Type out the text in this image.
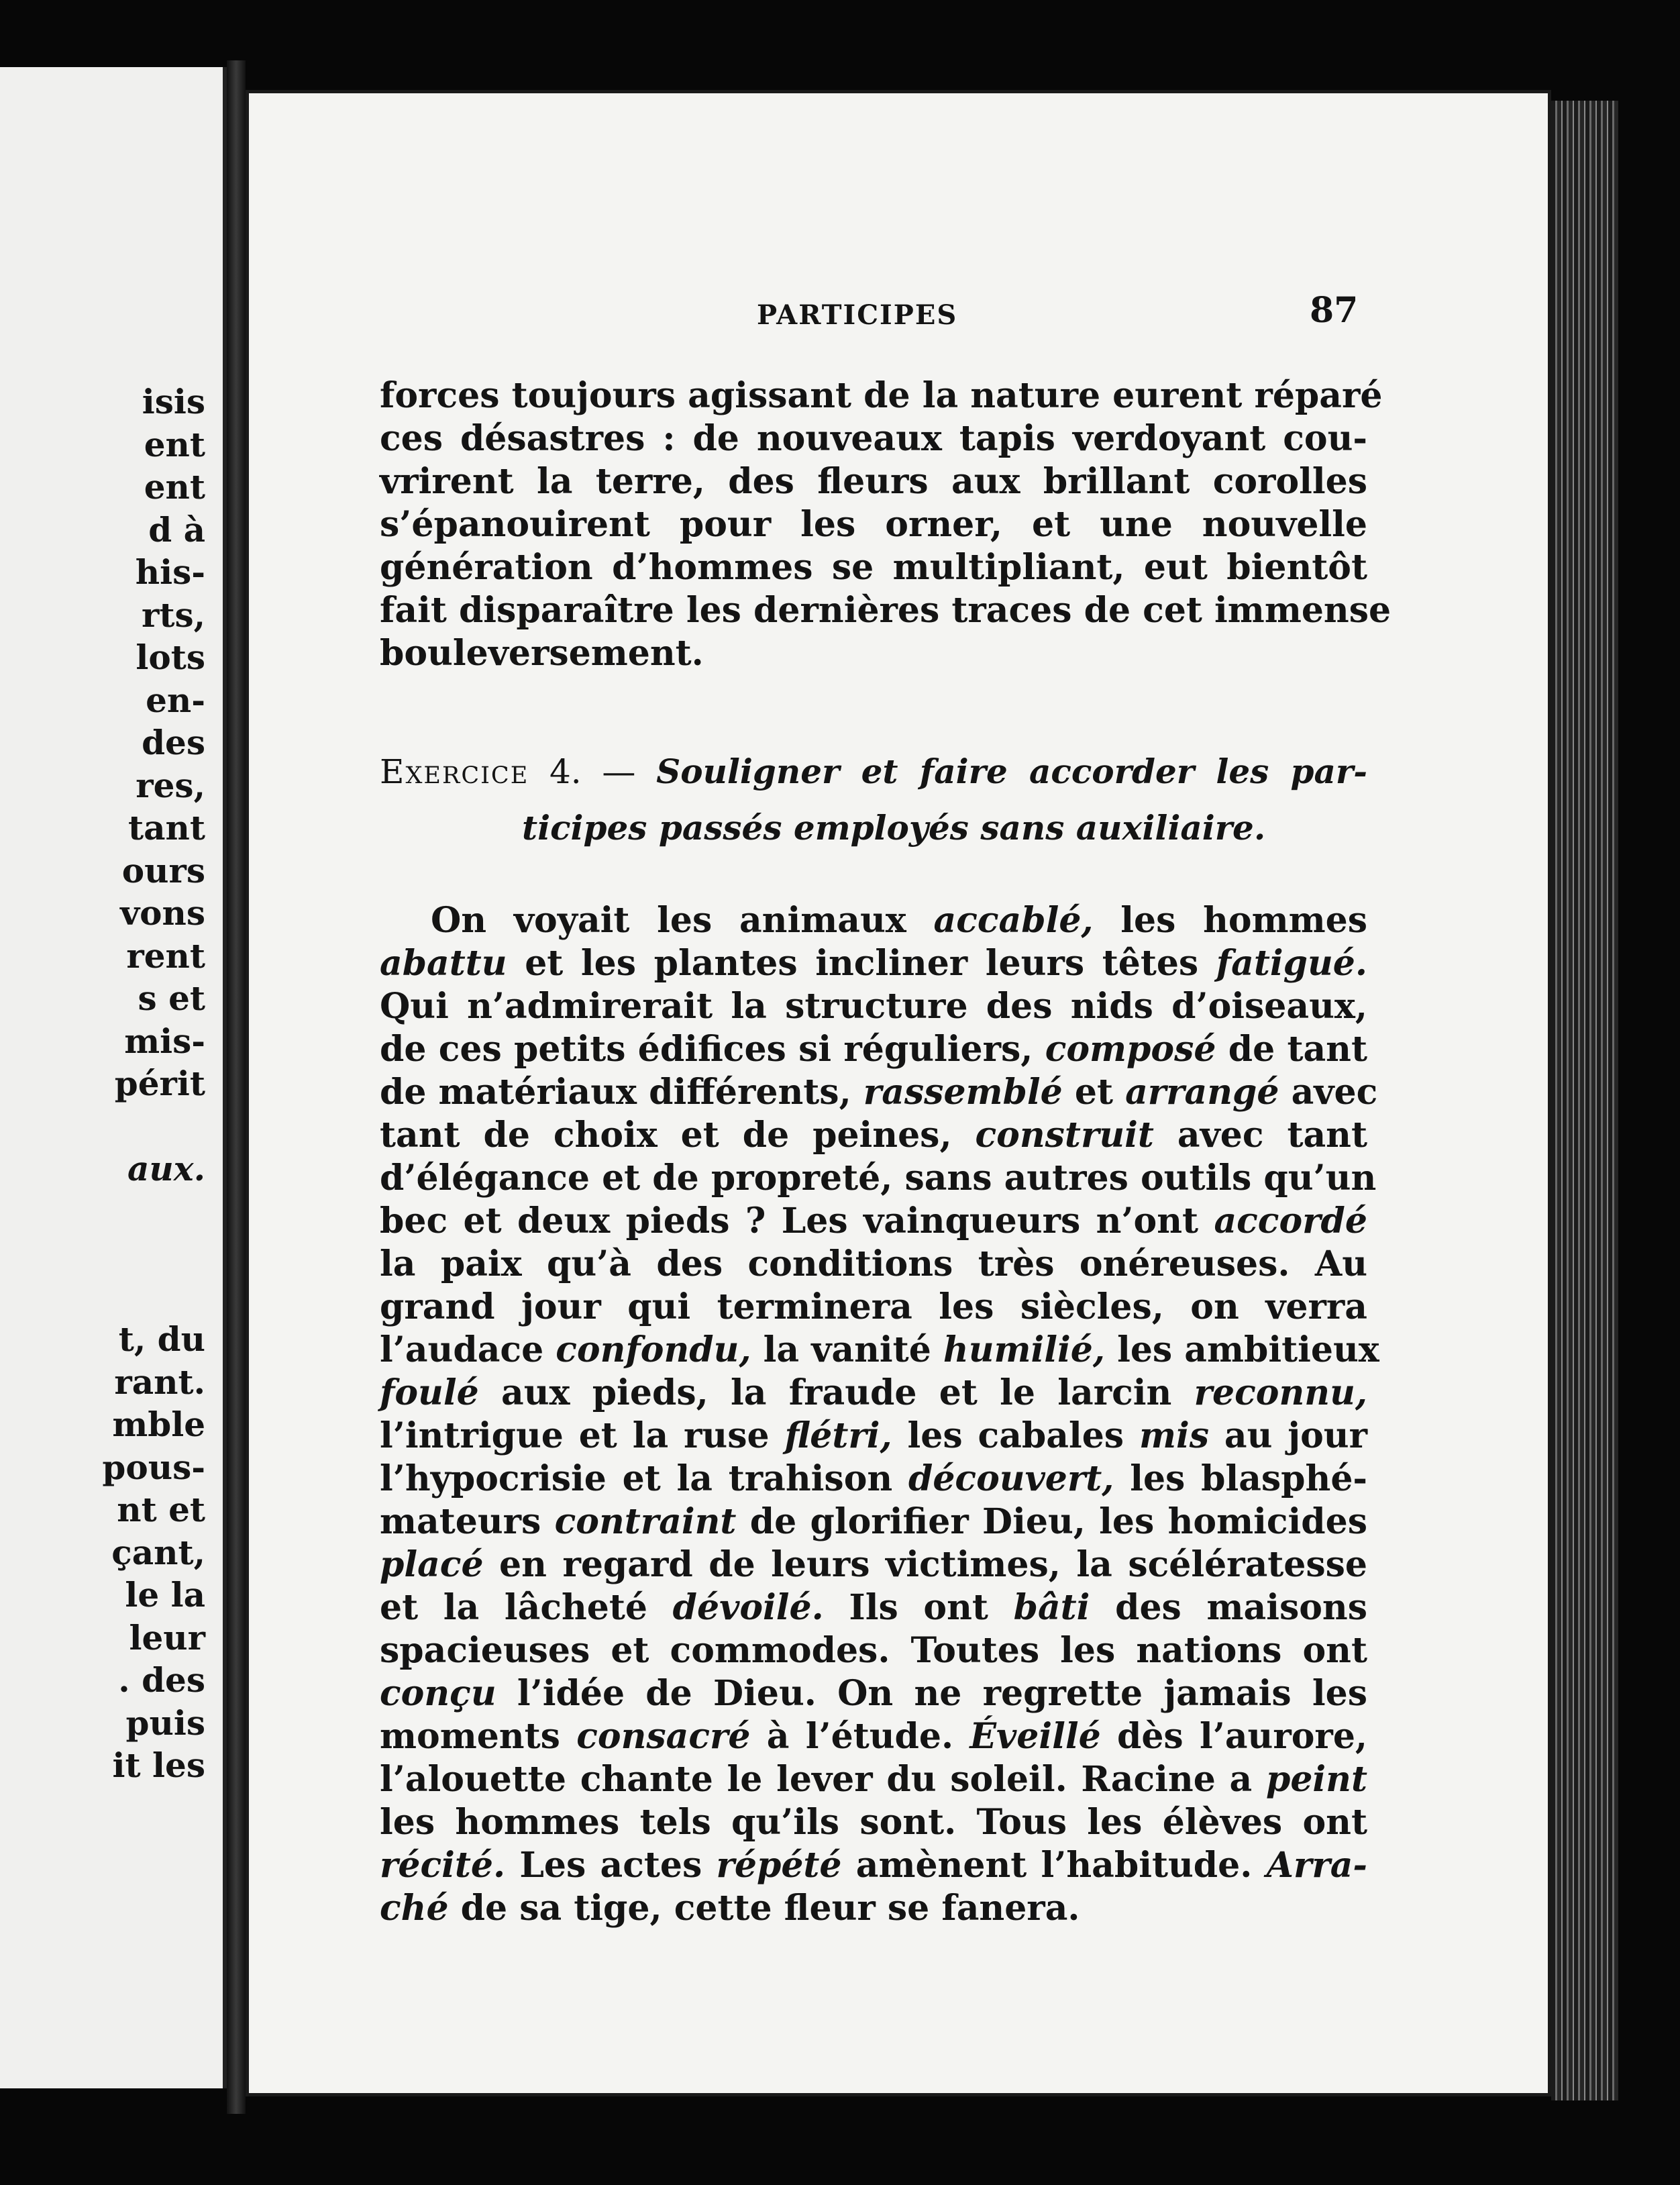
isis
ent
ent
d à
his-
rts,
lots
en-
des
res,
tant
ours
vons
rent
s et
mis-
périt
aux.
t, du
rant.
mble
pous-
nt et
çant,
le la
leur
. des
puis
it les
PARTICIPES	87
forces toujours agissant de la nature eurent réparé
ces désastres : de nouveaux tapis verdoyant cou-
vrirent la terre, des fleurs aux brillant corolles
s’épanouirent pour les orner, et une nouvelle
génération d’hommes se multipliant, eut bientôt
fait disparaître les dernières traces de cet immense
bouleversement.
Exercice 4. — Souligner et faire accorder les par-
ticipes passés employés sans auxiliaire.
On voyait les animaux accablé, les hommes
abattu et les plantes incliner leurs têtes fatigué.
Qui n’admirerait la structure des nids d’oiseaux,
de ces petits édifices si réguliers, composé de tant
de matériaux différents, rassemblé et arrangé avec
tant de choix et de peines, construit avec tant
d’élégance et de propreté, sans autres outils qu’un
bec et deux pieds ? Les vainqueurs n’ont accordé
la paix qu’à des conditions très onéreuses. Au
grand jour qui terminera les siècles, on verra
l’audace confondu, la vanité humilié, les ambitieux
foulé aux pieds, la fraude et le larcin reconnu,
l’intrigue et la ruse flétri, les cabales mis au jour
l’hypocrisie et la trahison découvert, les blasphé-
mateurs contraint de glorifier Dieu, les homicides
placé en regard de leurs victimes, la scélératesse
et la lâcheté dévoilé. Ils ont bâti des maisons
spacieuses et commodes. Toutes les nations ont
conçu l’idée de Dieu. On ne regrette jamais les
moments consacré à l’étude. Éveillé dès l’aurore,
l’alouette chante le lever du soleil. Racine a peint
les hommes tels qu’ils sont. Tous les élèves ont
récité. Les actes répété amènent l’habitude. Arra-
ché de sa tige, cette fleur se fanera.
